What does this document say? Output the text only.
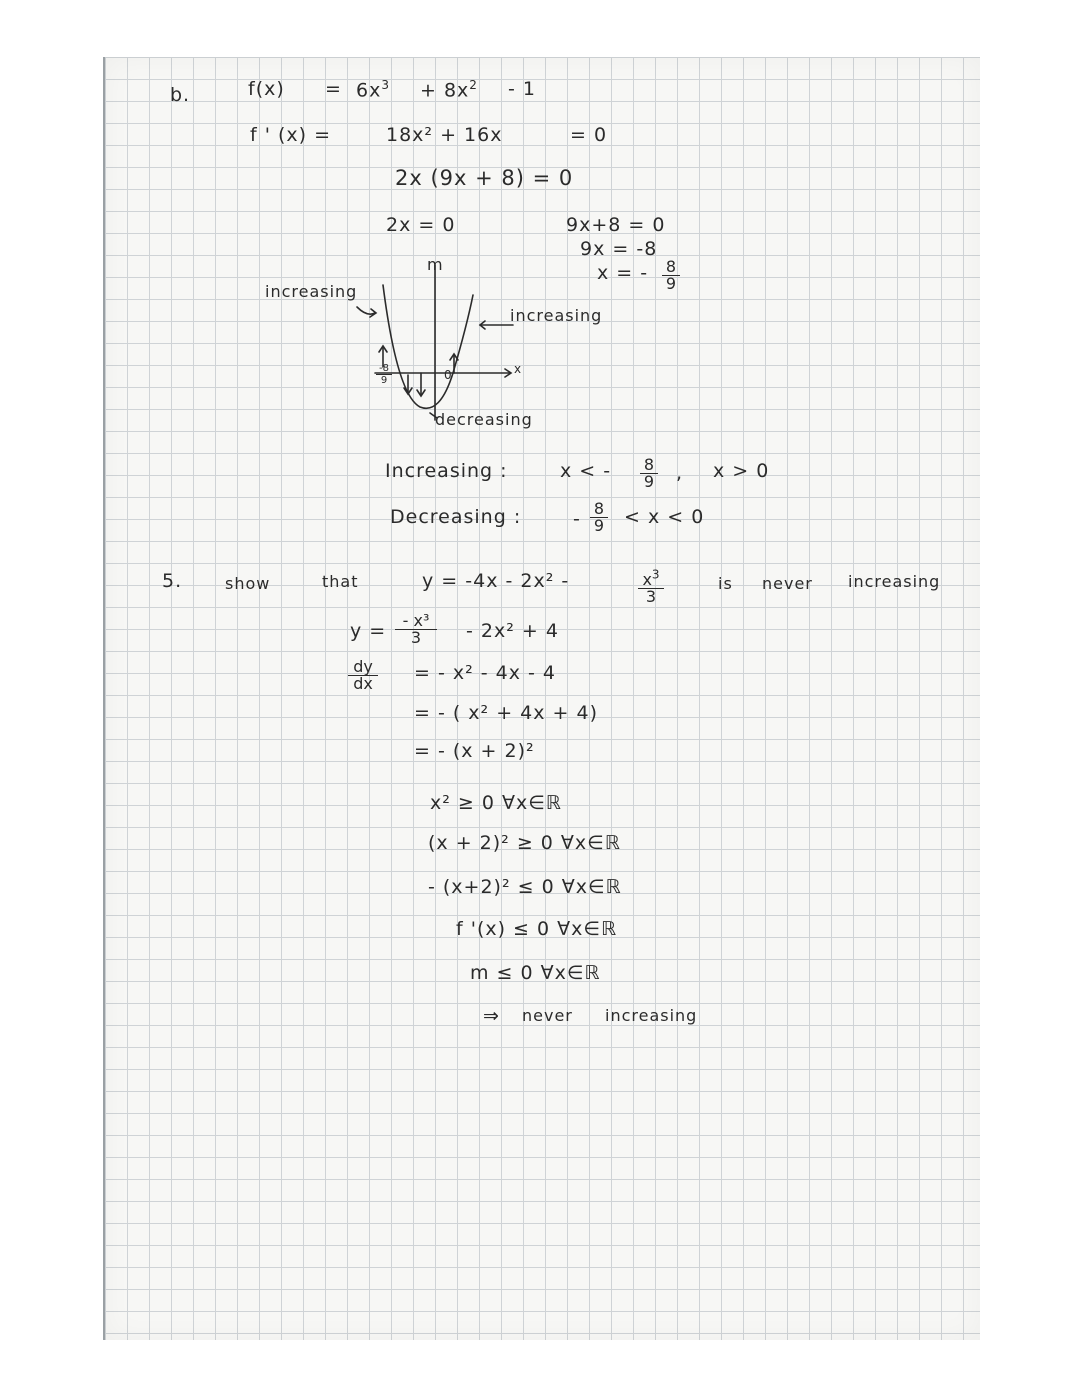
b.	$f(x) = 6x^3 + 8x^2 - 1$
f ' (x) =	18x² + 16x	= 0
2x (9x + 8) = 0
2x = 0	9x+8 = 0
9x = -8
x = - 8
9
increasing
m
increasing
decreasing
x
0
-8
9
Increasing :	x < - 8
9 , x > 0
Decreasing :	- 8
9 < x < 0
5.	show	that	y = -4x - 2x² -	$x^3$
3
is never increasing
y =	- x³
3	- 2x² + 4
dy
dx = - x² - 4x - 4
= - ( x² + 4x + 4)
= - (x + 2)²
x² ≥ 0 ∀x∈ℝ
(x + 2)² ≥ 0 ∀x∈ℝ
- (x+2)² ≤ 0 ∀x∈ℝ
f '(x) ≤ 0 ∀x∈ℝ
m ≤ 0 ∀x∈ℝ
⇒ never increasing
